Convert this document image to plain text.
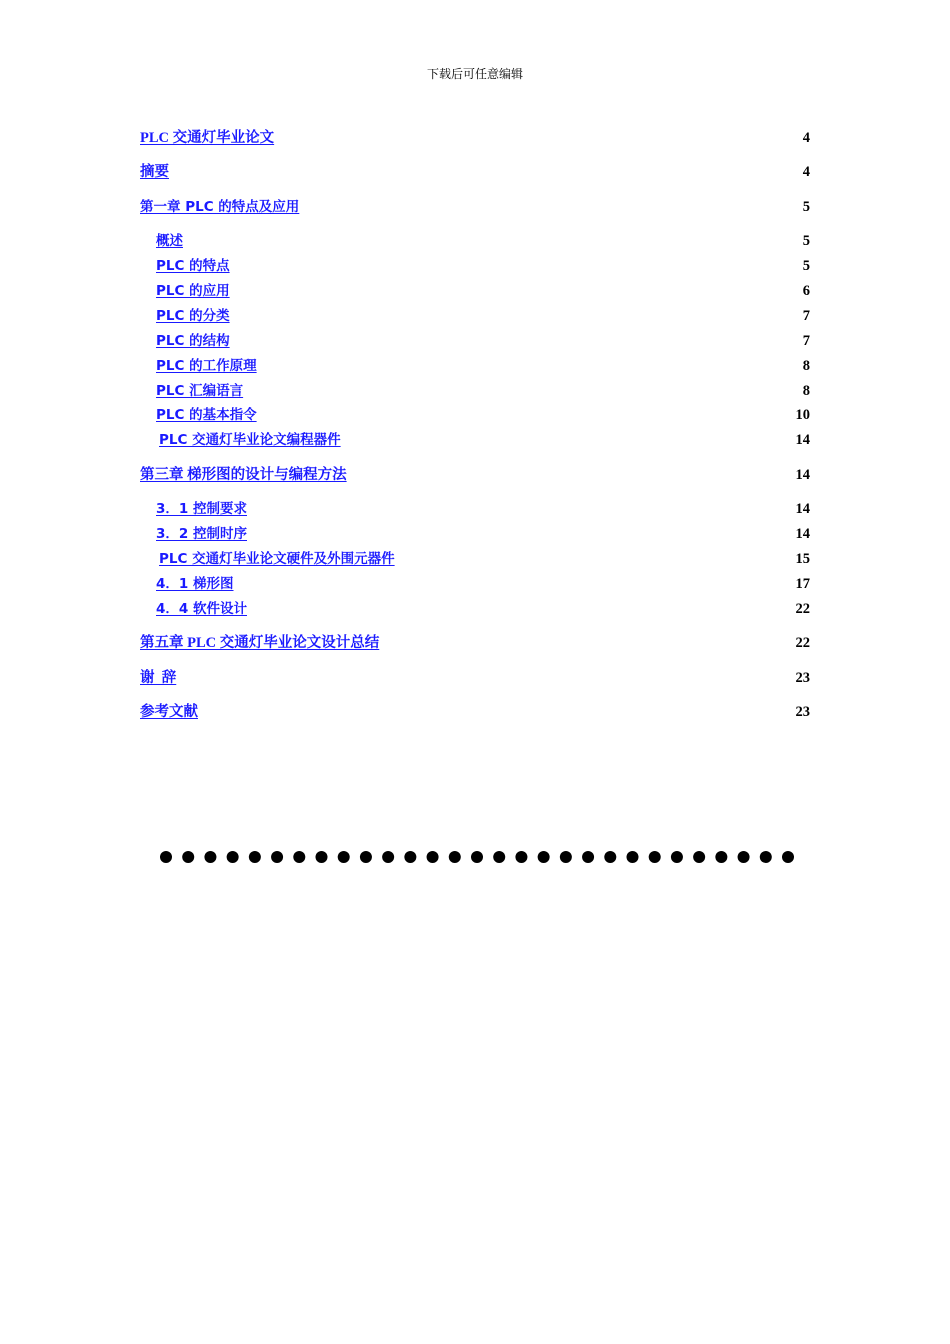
下载后可任意编辑
PLC 交通灯毕业论文	4
摘要	4
第一章 PLC 的特点及应用	5
概述	5
PLC 的特点	5
PLC 的应用	6
PLC 的分类	7
PLC 的结构	7
PLC 的工作原理	8
PLC 汇编语言	8
PLC 的基本指令	10
PLC 交通灯毕业论文编程器件	14
第三章 梯形图的设计与编程方法	14
3．1 控制要求	14
3．2 控制时序	14
PLC 交通灯毕业论文硬件及外围元器件	15
4．1 梯形图	17
4．4 软件设计	22
第五章 PLC 交通灯毕业论文设计总结	22
谢  辞	23
参考文献	23
